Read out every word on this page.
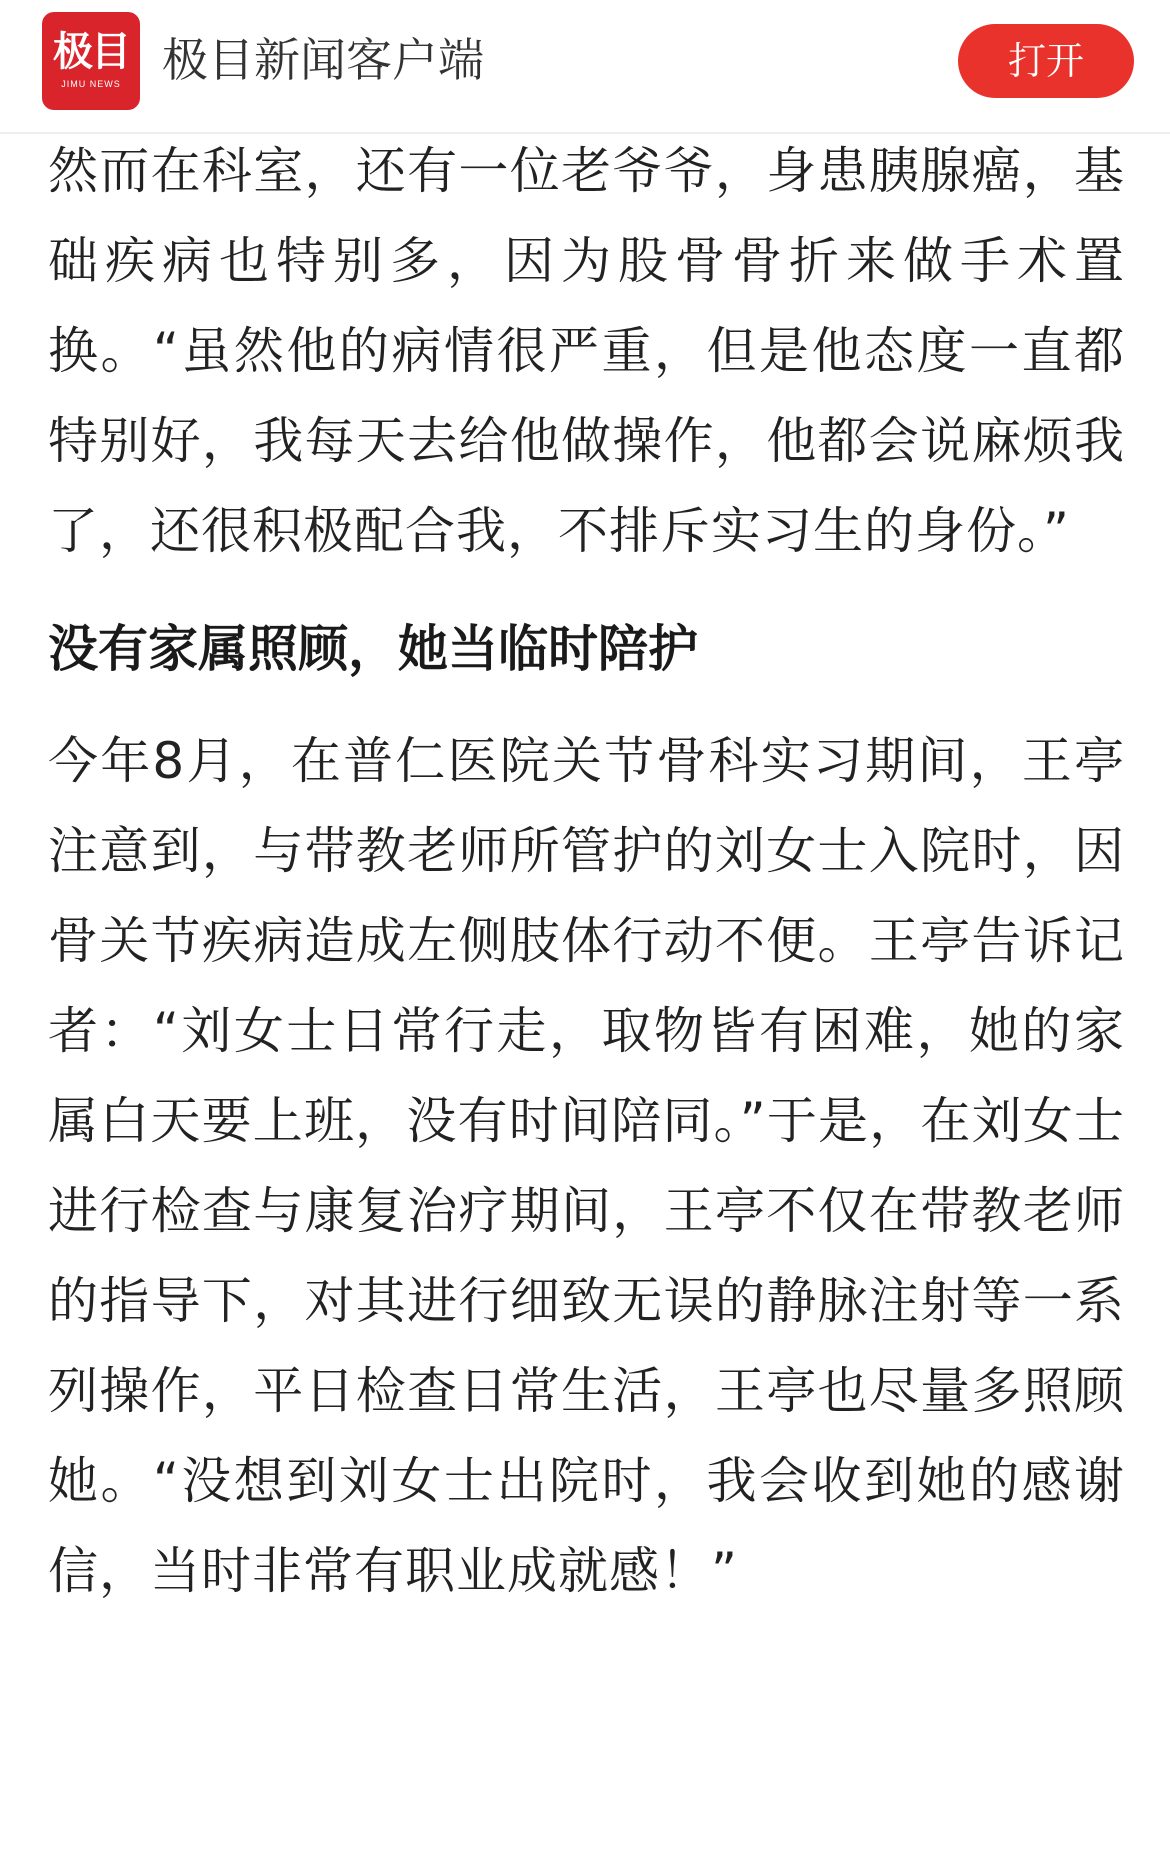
极目
JIMU NEWS 极目新闻客户端	打开

然而在科室，还有一位老爷爷，身患胰腺癌，基础疾病也特别多，因为股骨骨折来做手术置换。“虽然他的病情很严重，但是他态度一直都特别好，我每天去给他做操作，他都会说麻烦我了，还很积极配合我，不排斥实习生的身份。”

没有家属照顾，她当临时陪护

今年8月，在普仁医院关节骨科实习期间，王亭注意到，与带教老师所管护的刘女士入院时，因骨关节疾病造成左侧肢体行动不便。王亭告诉记者：“刘女士日常行走，取物皆有困难，她的家属白天要上班，没有时间陪同。”于是，在刘女士进行检查与康复治疗期间，王亭不仅在带教老师的指导下，对其进行细致无误的静脉注射等一系列操作，平日检查日常生活，王亭也尽量多照顾她。“没想到刘女士出院时，我会收到她的感谢信，当时非常有职业成就感！”
